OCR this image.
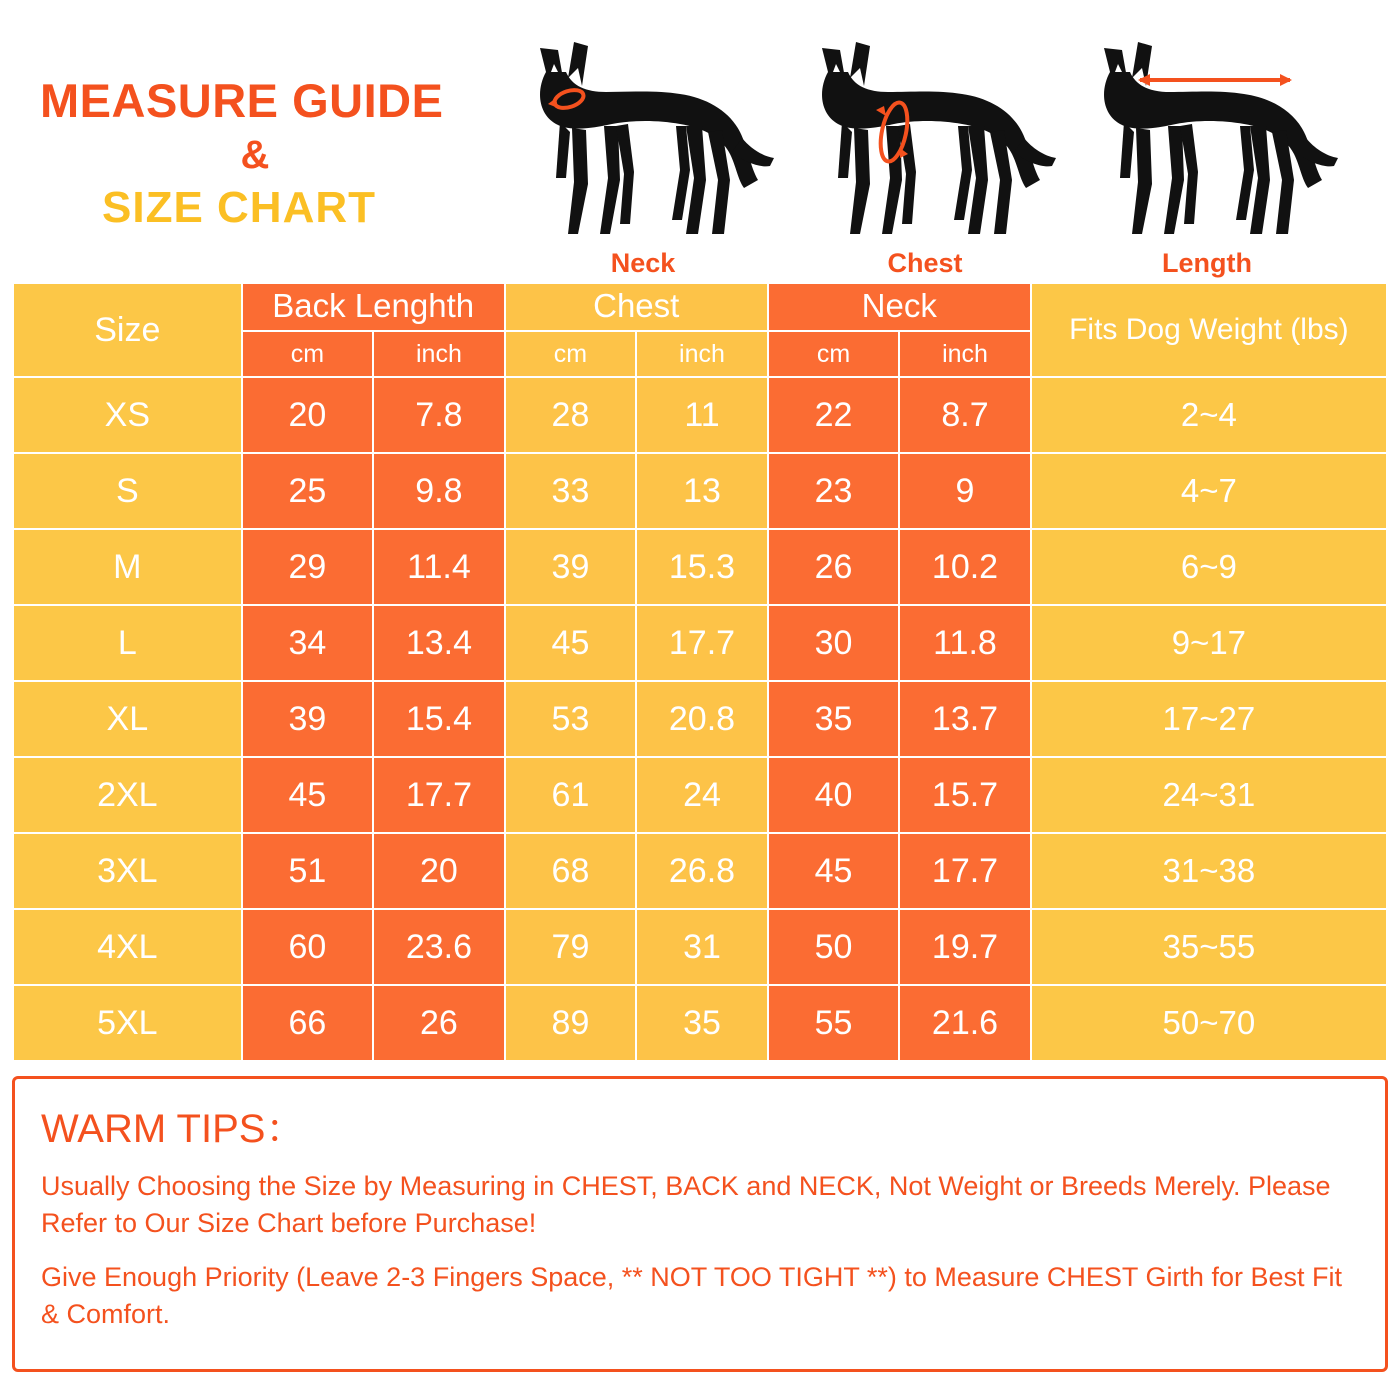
MEASURE GUIDE
&
SIZE CHART
Neck	Chest	Length
Size	Back Lenghth		Chest		Neck		Fits Dog Weight (lbs)
	cm	inch	cm	inch	cm	inch	
XS	20	7.8	28	11	22	8.7	2~4
S	25	9.8	33	13	23	9	4~7
M	29	11.4	39	15.3	26	10.2	6~9
L	34	13.4	45	17.7	30	11.8	9~17
XL	39	15.4	53	20.8	35	13.7	17~27
2XL	45	17.7	61	24	40	15.7	24~31
3XL	51	20	68	26.8	45	17.7	31~38
4XL	60	23.6	79	31	50	19.7	35~55
5XL	66	26	89	35	55	21.6	50~70
WARM TIPS：
Usually Choosing the Size by Measuring in CHEST, BACK and NECK, Not Weight or Breeds Merely. Please Refer to Our Size Chart before Purchase!
Give Enough Priority (Leave 2-3 Fingers Space, ** NOT TOO TIGHT **) to Measure CHEST Girth for Best Fit & Comfort.
